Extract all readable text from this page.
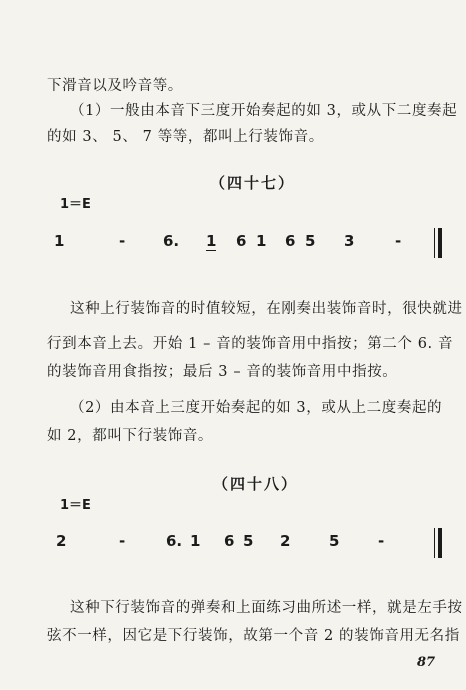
下滑音以及吟音等。
（1）一般由本音下三度开始奏起的如 3，或从下二度奏起
的如 3、 5、 7 等等，都叫上行装饰音。
（四十七）
1＝E
1	-	6. 1 6 1 6 5 3	-
这种上行装饰音的时值较短，在刚奏出装饰音时，很快就进
行到本音上去。开始 1 – 音的装饰音用中指按；第二个 6. 音
的装饰音用食指按；最后 3 – 音的装饰音用中指按。
（2）由本音上三度开始奏起的如 3，或从上二度奏起的
如 2，都叫下行装饰音。
（四十八）
1＝E
2	-	6. 1 6 5 2	5	-
这种下行装饰音的弹奏和上面练习曲所述一样，就是左手按
弦不一样，因它是下行装饰，故第一个音 2 的装饰音用无名指
87
